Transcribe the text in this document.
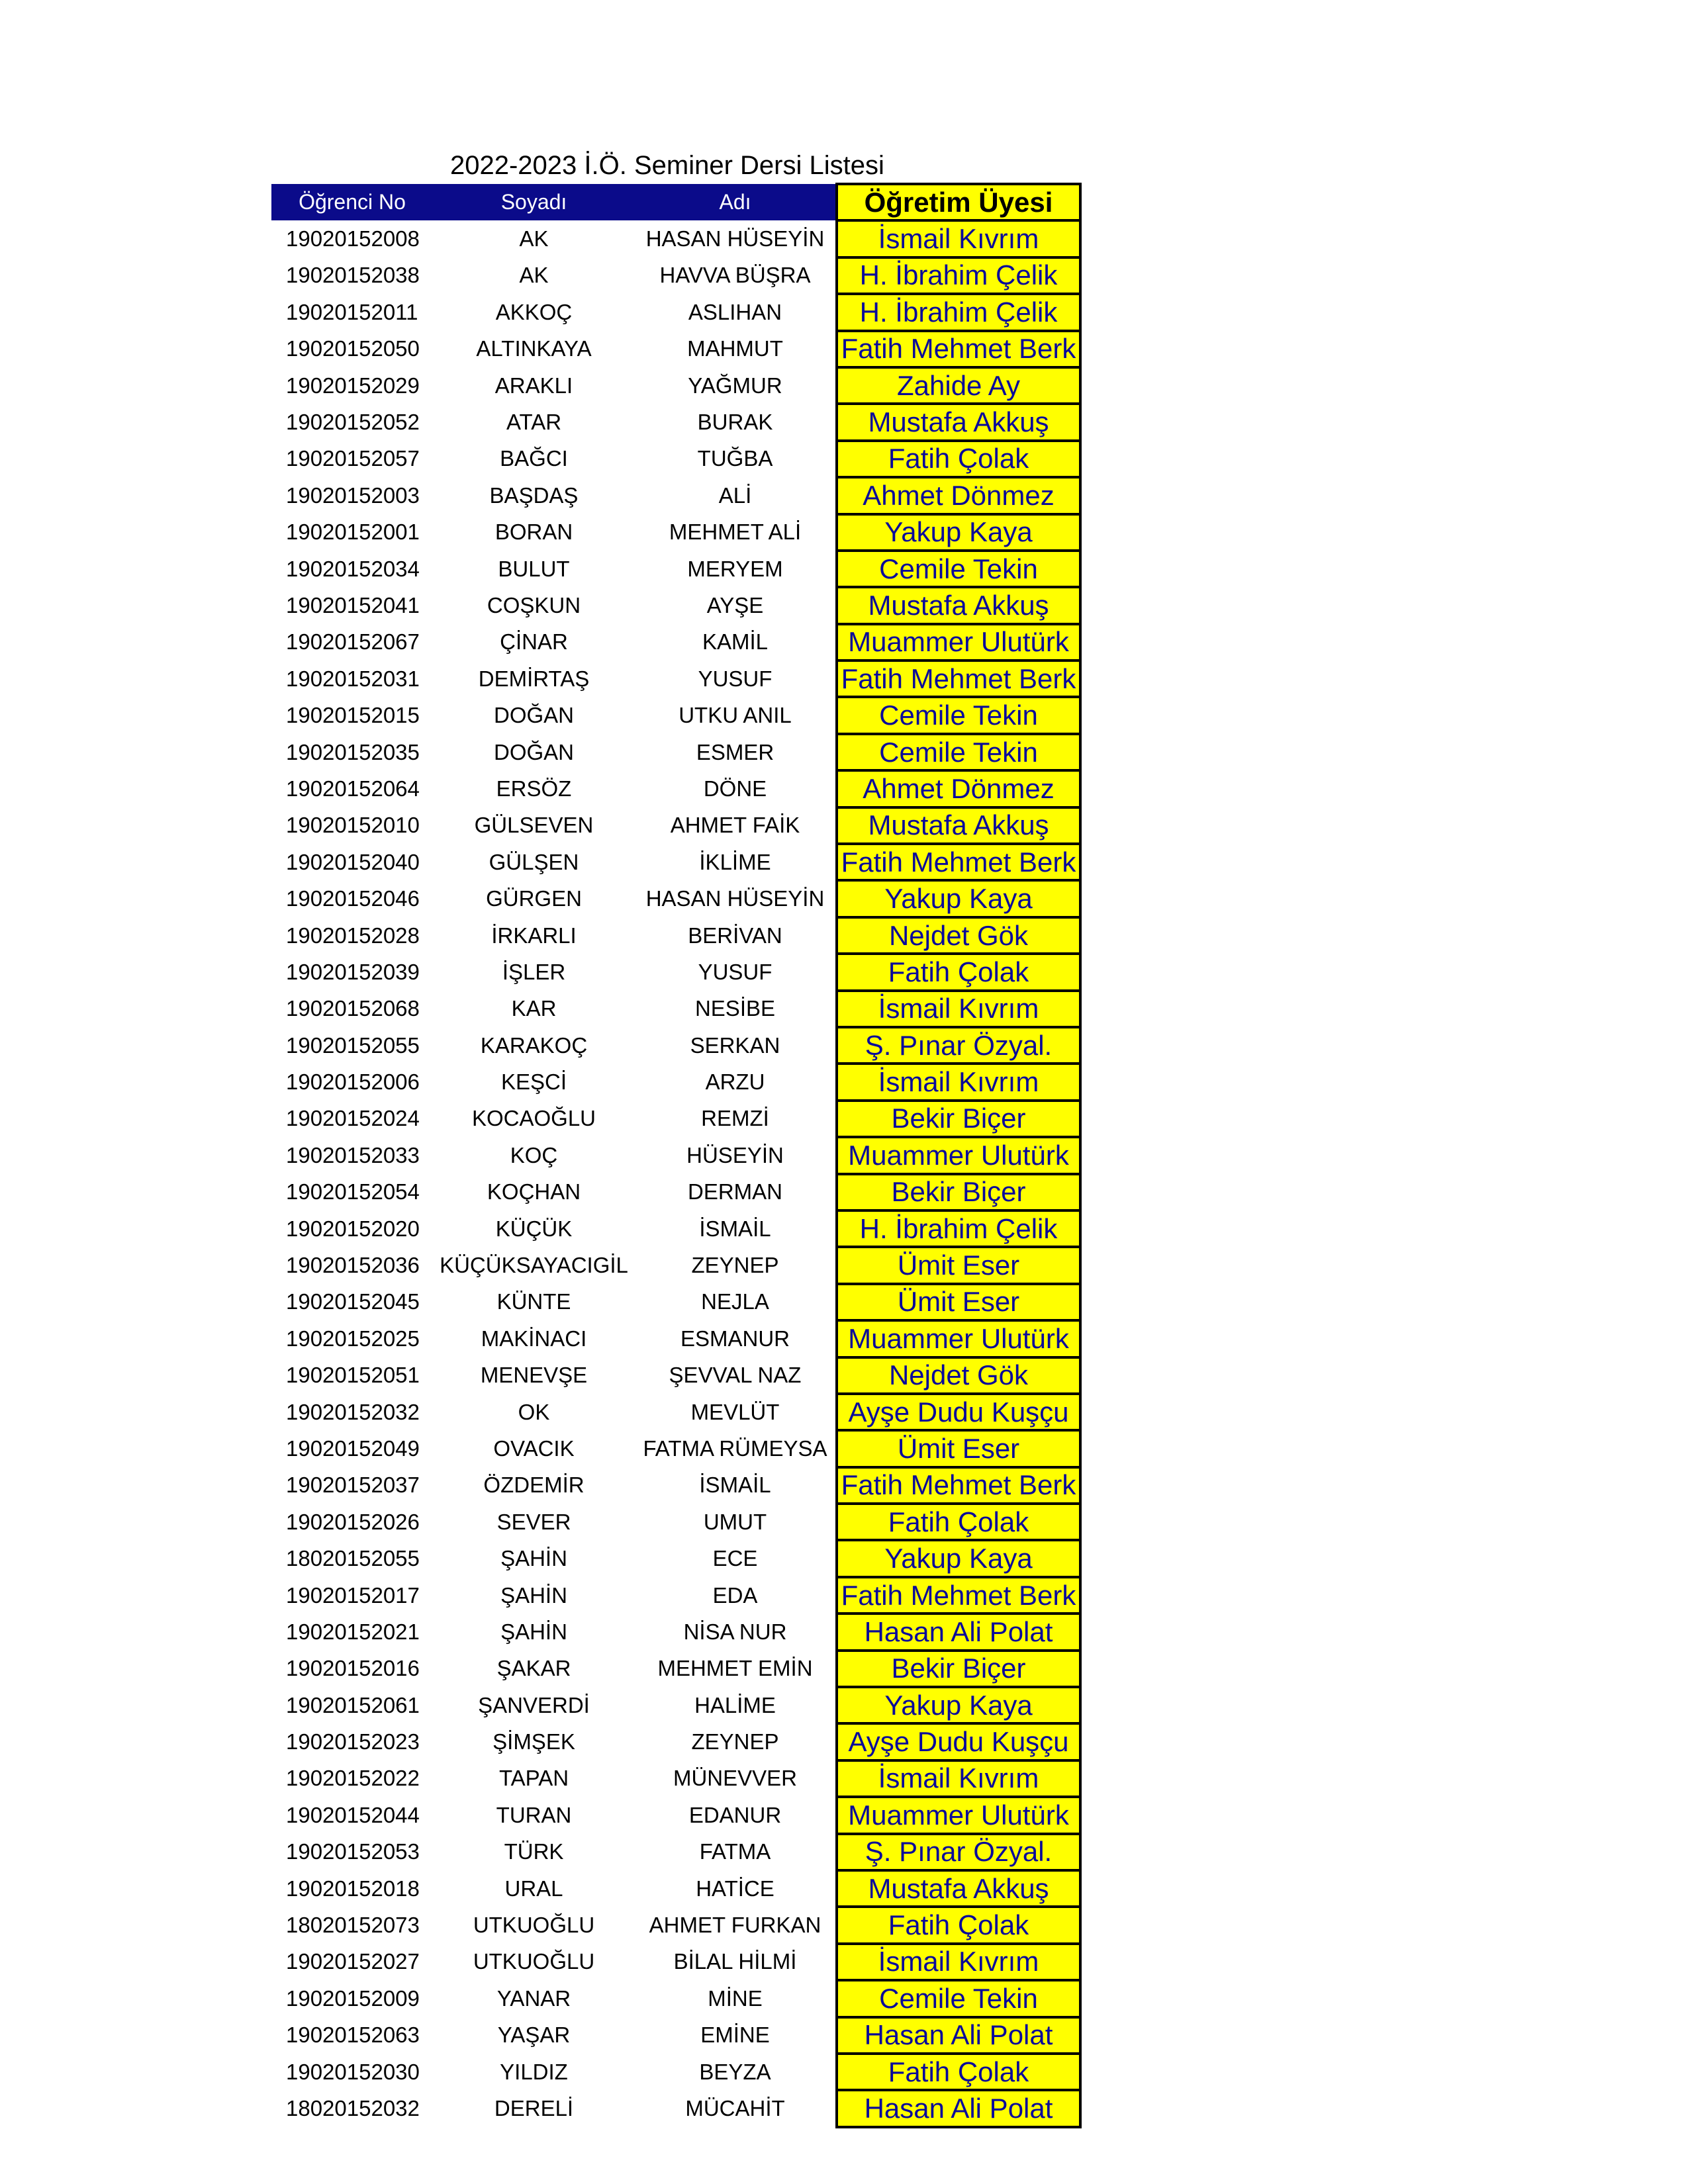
2022-2023 İ.Ö. Seminer Dersi Listesi
Öğrenci No	Soyadı	Adı	Öğretim Üyesi
19020152008	AK	HASAN HÜSEYİN	İsmail Kıvrım
19020152038	AK	HAVVA BÜŞRA	H. İbrahim Çelik
19020152011	AKKOÇ	ASLIHAN	H. İbrahim Çelik
19020152050	ALTINKAYA	MAHMUT	Fatih Mehmet Berk
19020152029	ARAKLI	YAĞMUR	Zahide Ay
19020152052	ATAR	BURAK	Mustafa Akkuş
19020152057	BAĞCI	TUĞBA	Fatih Çolak
19020152003	BAŞDAŞ	ALİ	Ahmet Dönmez
19020152001	BORAN	MEHMET ALİ	Yakup Kaya
19020152034	BULUT	MERYEM	Cemile Tekin
19020152041	COŞKUN	AYŞE	Mustafa Akkuş
19020152067	ÇİNAR	KAMİL	Muammer Ulutürk
19020152031	DEMİRTAŞ	YUSUF	Fatih Mehmet Berk
19020152015	DOĞAN	UTKU ANIL	Cemile Tekin
19020152035	DOĞAN	ESMER	Cemile Tekin
19020152064	ERSÖZ	DÖNE	Ahmet Dönmez
19020152010	GÜLSEVEN	AHMET FAİK	Mustafa Akkuş
19020152040	GÜLŞEN	İKLİME	Fatih Mehmet Berk
19020152046	GÜRGEN	HASAN HÜSEYİN	Yakup Kaya
19020152028	İRKARLI	BERİVAN	Nejdet Gök
19020152039	İŞLER	YUSUF	Fatih Çolak
19020152068	KAR	NESİBE	İsmail Kıvrım
19020152055	KARAKOÇ	SERKAN	Ş. Pınar Özyal.
19020152006	KEŞCİ	ARZU	İsmail Kıvrım
19020152024	KOCAOĞLU	REMZİ	Bekir Biçer
19020152033	KOÇ	HÜSEYİN	Muammer Ulutürk
19020152054	KOÇHAN	DERMAN	Bekir Biçer
19020152020	KÜÇÜK	İSMAİL	H. İbrahim Çelik
19020152036	KÜÇÜKSAYACIGİL	ZEYNEP	Ümit Eser
19020152045	KÜNTE	NEJLA	Ümit Eser
19020152025	MAKİNACI	ESMANUR	Muammer Ulutürk
19020152051	MENEVŞE	ŞEVVAL NAZ	Nejdet Gök
19020152032	OK	MEVLÜT	Ayşe Dudu Kuşçu
19020152049	OVACIK	FATMA RÜMEYSA	Ümit Eser
19020152037	ÖZDEMİR	İSMAİL	Fatih Mehmet Berk
19020152026	SEVER	UMUT	Fatih Çolak
18020152055	ŞAHİN	ECE	Yakup Kaya
19020152017	ŞAHİN	EDA	Fatih Mehmet Berk
19020152021	ŞAHİN	NİSA NUR	Hasan Ali Polat
19020152016	ŞAKAR	MEHMET EMİN	Bekir Biçer
19020152061	ŞANVERDİ	HALİME	Yakup Kaya
19020152023	ŞİMŞEK	ZEYNEP	Ayşe Dudu Kuşçu
19020152022	TAPAN	MÜNEVVER	İsmail Kıvrım
19020152044	TURAN	EDANUR	Muammer Ulutürk
19020152053	TÜRK	FATMA	Ş. Pınar Özyal.
19020152018	URAL	HATİCE	Mustafa Akkuş
18020152073	UTKUOĞLU	AHMET FURKAN	Fatih Çolak
19020152027	UTKUOĞLU	BİLAL HİLMİ	İsmail Kıvrım
19020152009	YANAR	MİNE	Cemile Tekin
19020152063	YAŞAR	EMİNE	Hasan Ali Polat
19020152030	YILDIZ	BEYZA	Fatih Çolak
18020152032	DERELİ	MÜCAHİT	Hasan Ali Polat
